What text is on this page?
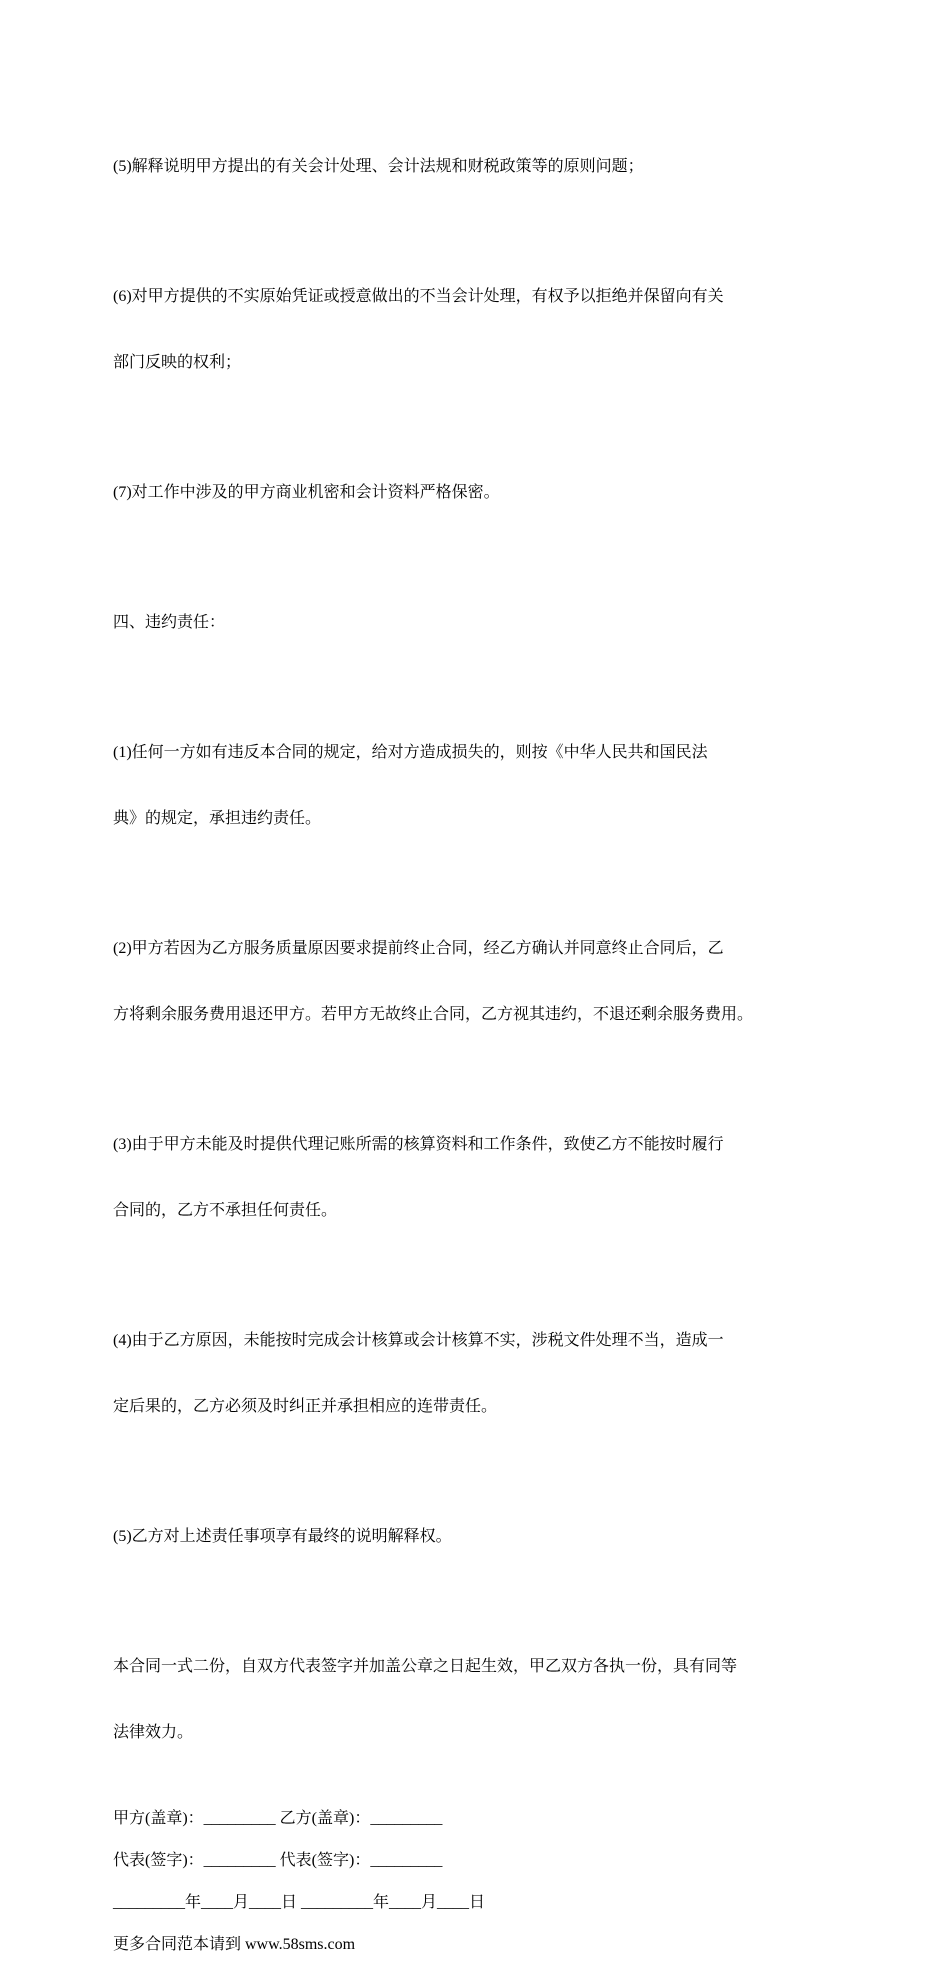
(5)解释说明甲方提出的有关会计处理、会计法规和财税政策等的原则问题；

(6)对甲方提供的不实原始凭证或授意做出的不当会计处理，有权予以拒绝并保留向有关

部门反映的权利；

(7)对工作中涉及的甲方商业机密和会计资料严格保密。

四、违约责任：

(1)任何一方如有违反本合同的规定，给对方造成损失的，则按《中华人民共和国民法

典》的规定，承担违约责任。

(2)甲方若因为乙方服务质量原因要求提前终止合同，经乙方确认并同意终止合同后，乙

方将剩余服务费用退还甲方。若甲方无故终止合同，乙方视其违约，不退还剩余服务费用。

(3)由于甲方未能及时提供代理记账所需的核算资料和工作条件，致使乙方不能按时履行

合同的，乙方不承担任何责任。

(4)由于乙方原因，未能按时完成会计核算或会计核算不实，涉税文件处理不当，造成一

定后果的，乙方必须及时纠正并承担相应的连带责任。

(5)乙方对上述责任事项享有最终的说明解释权。

本合同一式二份，自双方代表签字并加盖公章之日起生效，甲乙双方各执一份，具有同等

法律效力。

甲方(盖章)：_________ 乙方(盖章)：_________
代表(签字)：_________ 代表(签字)：_________
_________年____月____日 _________年____月____日
更多合同范本请到 www.58sms.com
